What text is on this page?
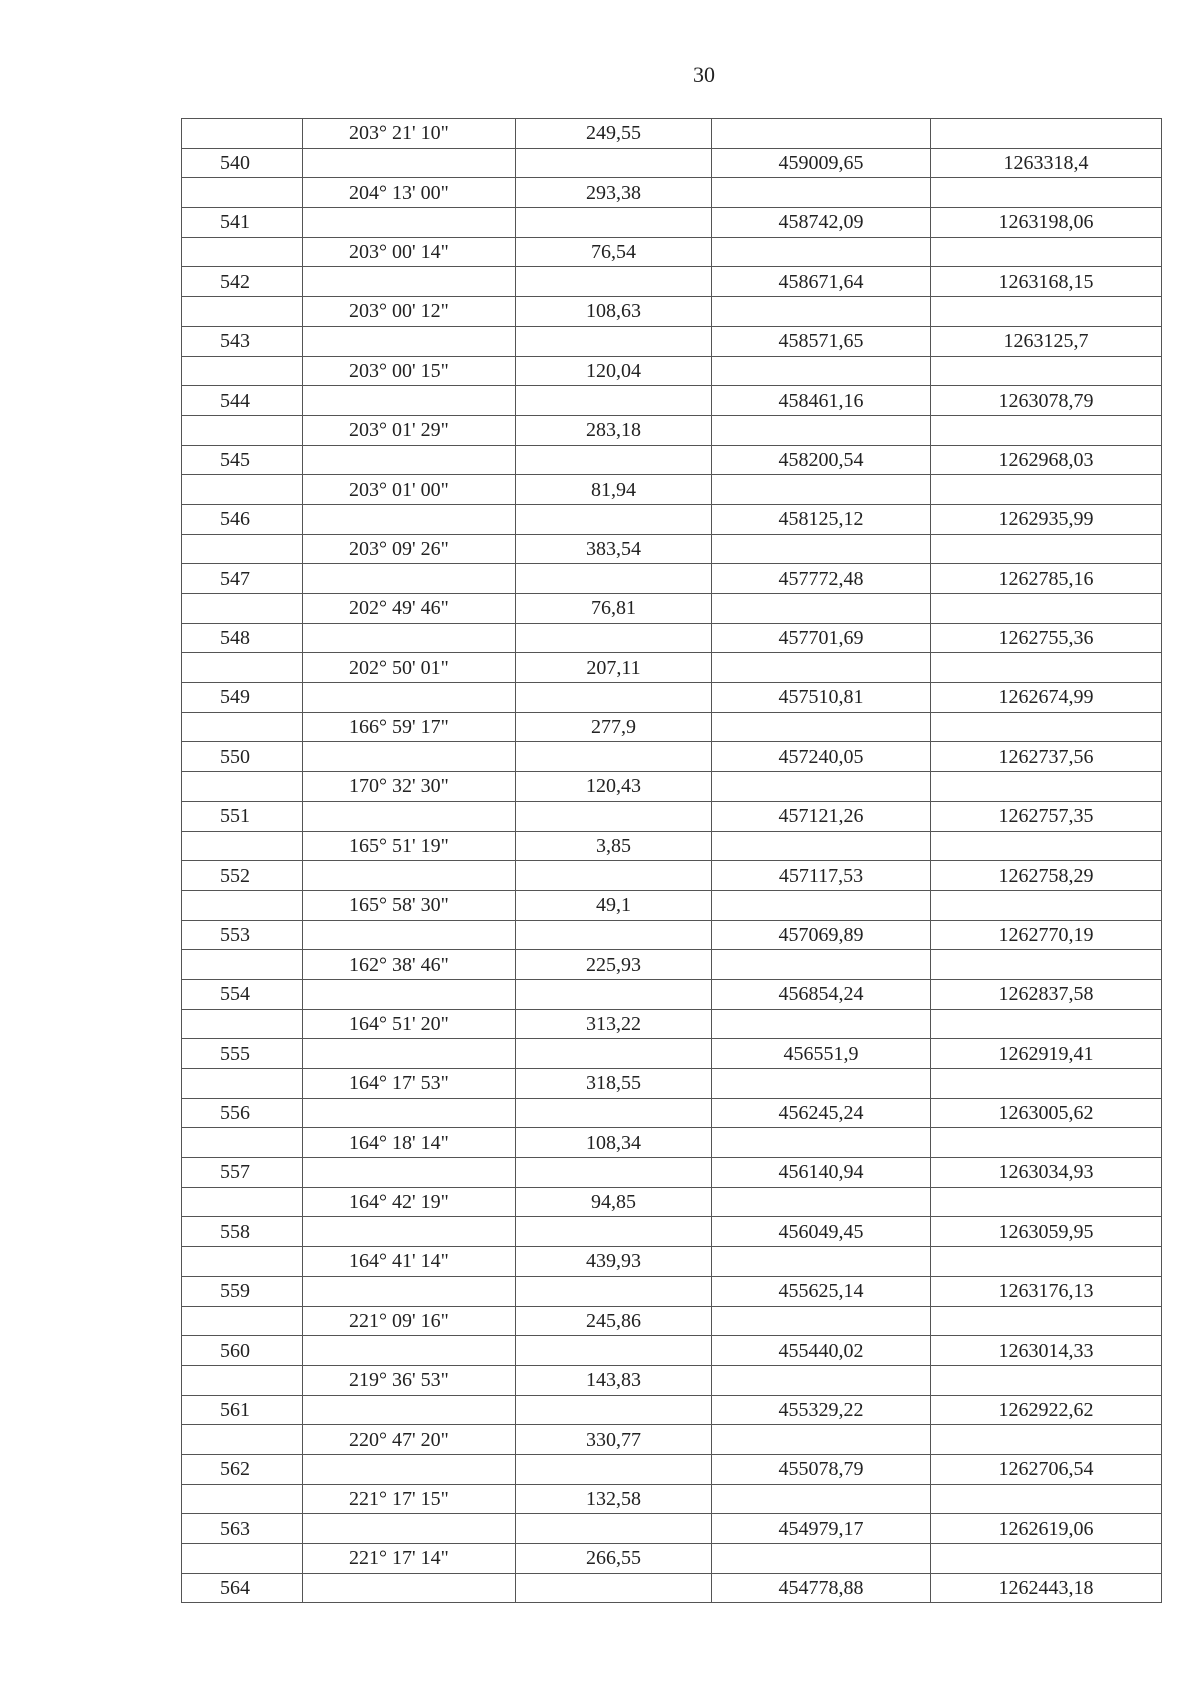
30
	203° 21' 10"	249,55		
540			459009,65	1263318,4
	204° 13' 00"	293,38		
541			458742,09	1263198,06
	203° 00' 14"	76,54		
542			458671,64	1263168,15
	203° 00' 12"	108,63		
543			458571,65	1263125,7
	203° 00' 15"	120,04		
544			458461,16	1263078,79
	203° 01' 29"	283,18		
545			458200,54	1262968,03
	203° 01' 00"	81,94		
546			458125,12	1262935,99
	203° 09' 26"	383,54		
547			457772,48	1262785,16
	202° 49' 46"	76,81		
548			457701,69	1262755,36
	202° 50' 01"	207,11		
549			457510,81	1262674,99
	166° 59' 17"	277,9		
550			457240,05	1262737,56
	170° 32' 30"	120,43		
551			457121,26	1262757,35
	165° 51' 19"	3,85		
552			457117,53	1262758,29
	165° 58' 30"	49,1		
553			457069,89	1262770,19
	162° 38' 46"	225,93		
554			456854,24	1262837,58
	164° 51' 20"	313,22		
555			456551,9	1262919,41
	164° 17' 53"	318,55		
556			456245,24	1263005,62
	164° 18' 14"	108,34		
557			456140,94	1263034,93
	164° 42' 19"	94,85		
558			456049,45	1263059,95
	164° 41' 14"	439,93		
559			455625,14	1263176,13
	221° 09' 16"	245,86		
560			455440,02	1263014,33
	219° 36' 53"	143,83		
561			455329,22	1262922,62
	220° 47' 20"	330,77		
562			455078,79	1262706,54
	221° 17' 15"	132,58		
563			454979,17	1262619,06
	221° 17' 14"	266,55		
564			454778,88	1262443,18
